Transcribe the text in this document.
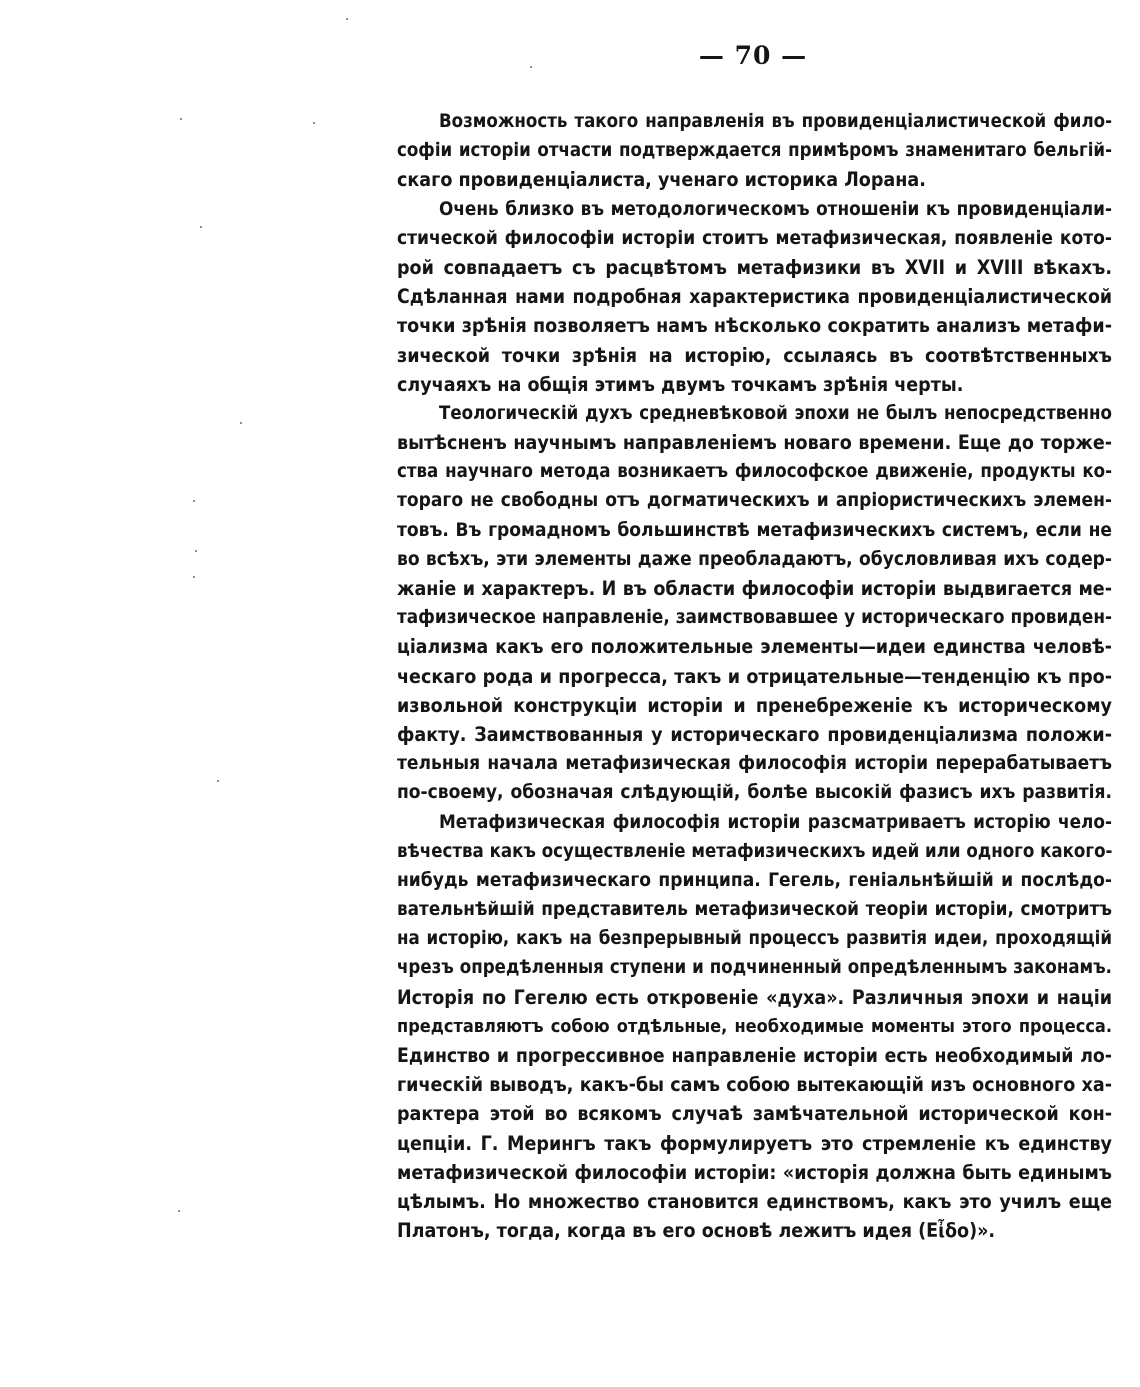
— 70 —
Возможность такого направленія въ провиденціалистической фило-
софіи исторіи отчасти подтверждается примѣромъ знаменитаго бельгій-
скаго провиденціалиста, ученаго историка Лорана.
Очень близко въ методологическомъ отношеніи къ провиденціали-
стической философіи исторіи стоитъ метафизическая, появленіе кото-
рой совпадаетъ съ расцвѣтомъ метафизики въ XVII и XVIII вѣкахъ.
Сдѣланная нами подробная характеристика провиденціалистической
точки зрѣнія позволяетъ намъ нѣсколько сократить анализъ метафи-
зической точки зрѣнія на исторію, ссылаясь въ соотвѣтственныхъ
случаяхъ на общія этимъ двумъ точкамъ зрѣнія черты.
Теологическій духъ средневѣковой эпохи не былъ непосредственно
вытѣсненъ научнымъ направленіемъ новаго времени. Еще до торже-
ства научнаго метода возникаетъ философское движеніе, продукты ко-
тораго не свободны отъ догматическихъ и апріористическихъ элемен-
товъ. Въ громадномъ большинствѣ метафизическихъ системъ, если не
во всѣхъ, эти элементы даже преобладаютъ, обусловливая ихъ содер-
жаніе и характеръ. И въ области философіи исторіи выдвигается ме-
тафизическое направленіе, заимствовавшее у историческаго провиден-
ціализма какъ его положительные элементы—идеи единства человѣ-
ческаго рода и прогресса, такъ и отрицательные—тенденцію къ про-
извольной конструкціи исторіи и пренебреженіе къ историческому
факту. Заимствованныя у историческаго провиденціализма положи-
тельныя начала метафизическая философія исторіи перерабатываетъ
по-своему, обозначая слѣдующій, болѣе высокій фазисъ ихъ развитія.
Метафизическая философія исторіи разсматриваетъ исторію чело-
вѣчества какъ осуществленіе метафизическихъ идей или одного какого-
нибудь метафизическаго принципа. Гегель, геніальнѣйшій и послѣдо-
вательнѣйшій представитель метафизической теоріи исторіи, смотритъ
на исторію, какъ на безпрерывный процессъ развитія идеи, проходящій
чрезъ опредѣленныя ступени и подчиненный опредѣленнымъ законамъ.
Исторія по Гегелю есть откровеніе «духа». Различныя эпохи и націи
представляютъ собою отдѣльные, необходимые моменты этого процесса.
Единство и прогрессивное направленіе исторіи есть необходимый ло-
гическій выводъ, какъ-бы самъ собою вытекающій изъ основного ха-
рактера этой во всякомъ случаѣ замѣчательной исторической кон-
цепціи. Г. Мерингъ такъ формулируетъ это стремленіе къ единству
метафизической философіи исторіи: «исторія должна быть единымъ
цѣлымъ. Но множество становится единствомъ, какъ это училъ еще
Платонъ, тогда, когда въ его основѣ лежитъ идея (Εἶδο)».
